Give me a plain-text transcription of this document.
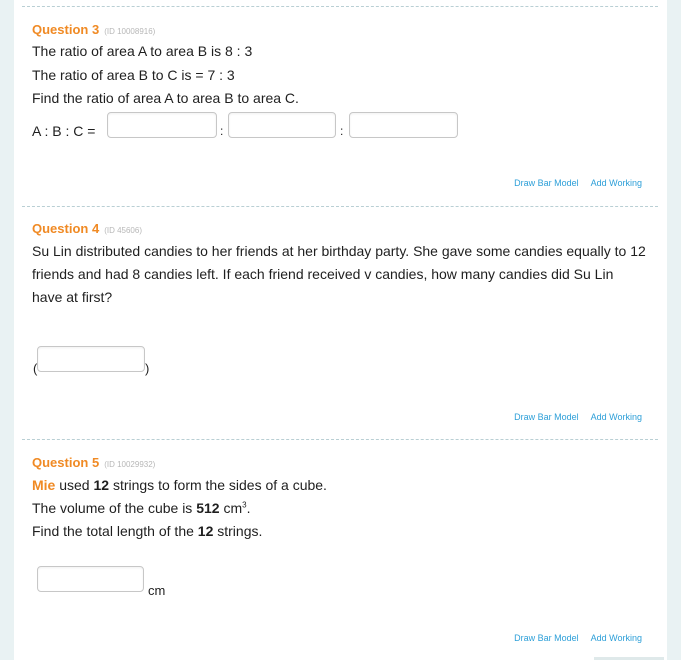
Question 3 (ID 10008916)
The ratio of area A to area B is 8 : 3
The ratio of area B to C is = 7 : 3
Find the ratio of area A to area B to area C.
A : B : C =	:	:
Draw Bar Model Add Working
Question 4 (ID 45606)
Su Lin distributed candies to her friends at her birthday party. She gave some candies equally to 12 friends and had 8 candies left. If each friend received v candies, how many candies did Su Lin have at first?
(	)
Draw Bar Model Add Working
Question 5 (ID 10029932)
Mie used 12 strings to form the sides of a cube.
The volume of the cube is 512 $cm^3$.
Find the total length of the 12 strings.
cm
Draw Bar Model Add Working
